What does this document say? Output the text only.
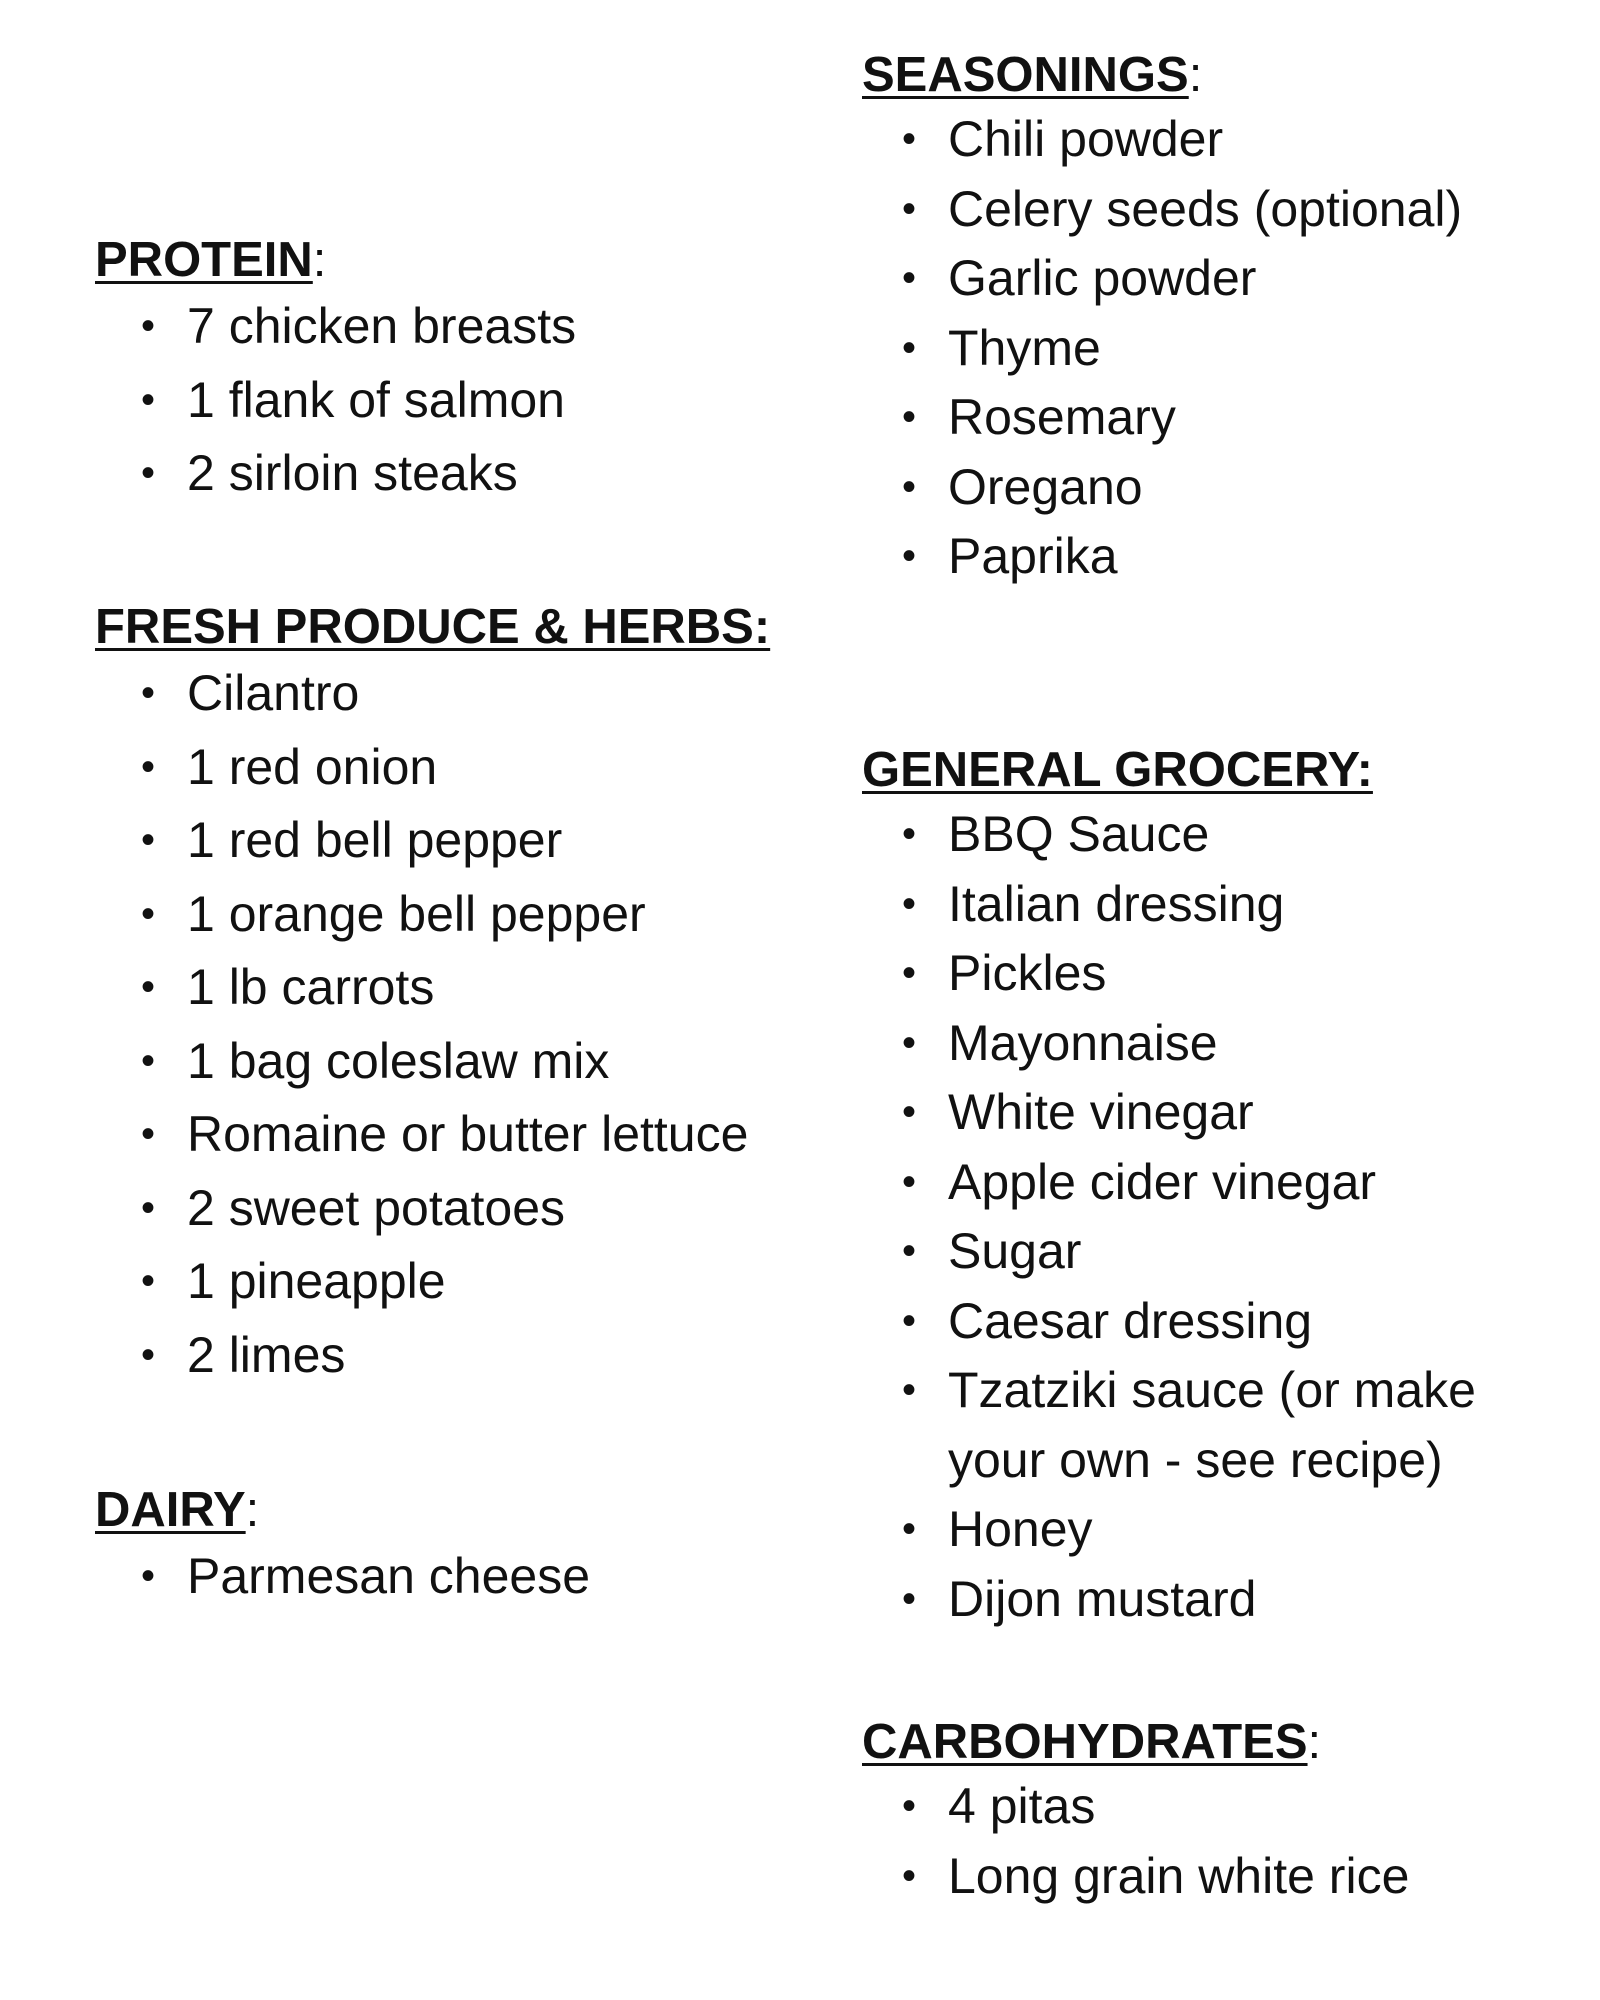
PROTEIN:
• 7 chicken breasts
• 1 flank of salmon
• 2 sirloin steaks
FRESH PRODUCE & HERBS:
• Cilantro
• 1 red onion
• 1 red bell pepper
• 1 orange bell pepper
• 1 lb carrots
• 1 bag coleslaw mix
• Romaine or butter lettuce
• 2 sweet potatoes
• 1 pineapple
• 2 limes
DAIRY:
• Parmesan cheese
SEASONINGS:
• Chili powder
• Celery seeds (optional)
• Garlic powder
• Thyme
• Rosemary
• Oregano
• Paprika
GENERAL GROCERY:
• BBQ Sauce
• Italian dressing
• Pickles
• Mayonnaise
• White vinegar
• Apple cider vinegar
• Sugar
• Caesar dressing
• Tzatziki sauce (or make your own - see recipe)
• Honey
• Dijon mustard
CARBOHYDRATES:
• 4 pitas
• Long grain white rice
